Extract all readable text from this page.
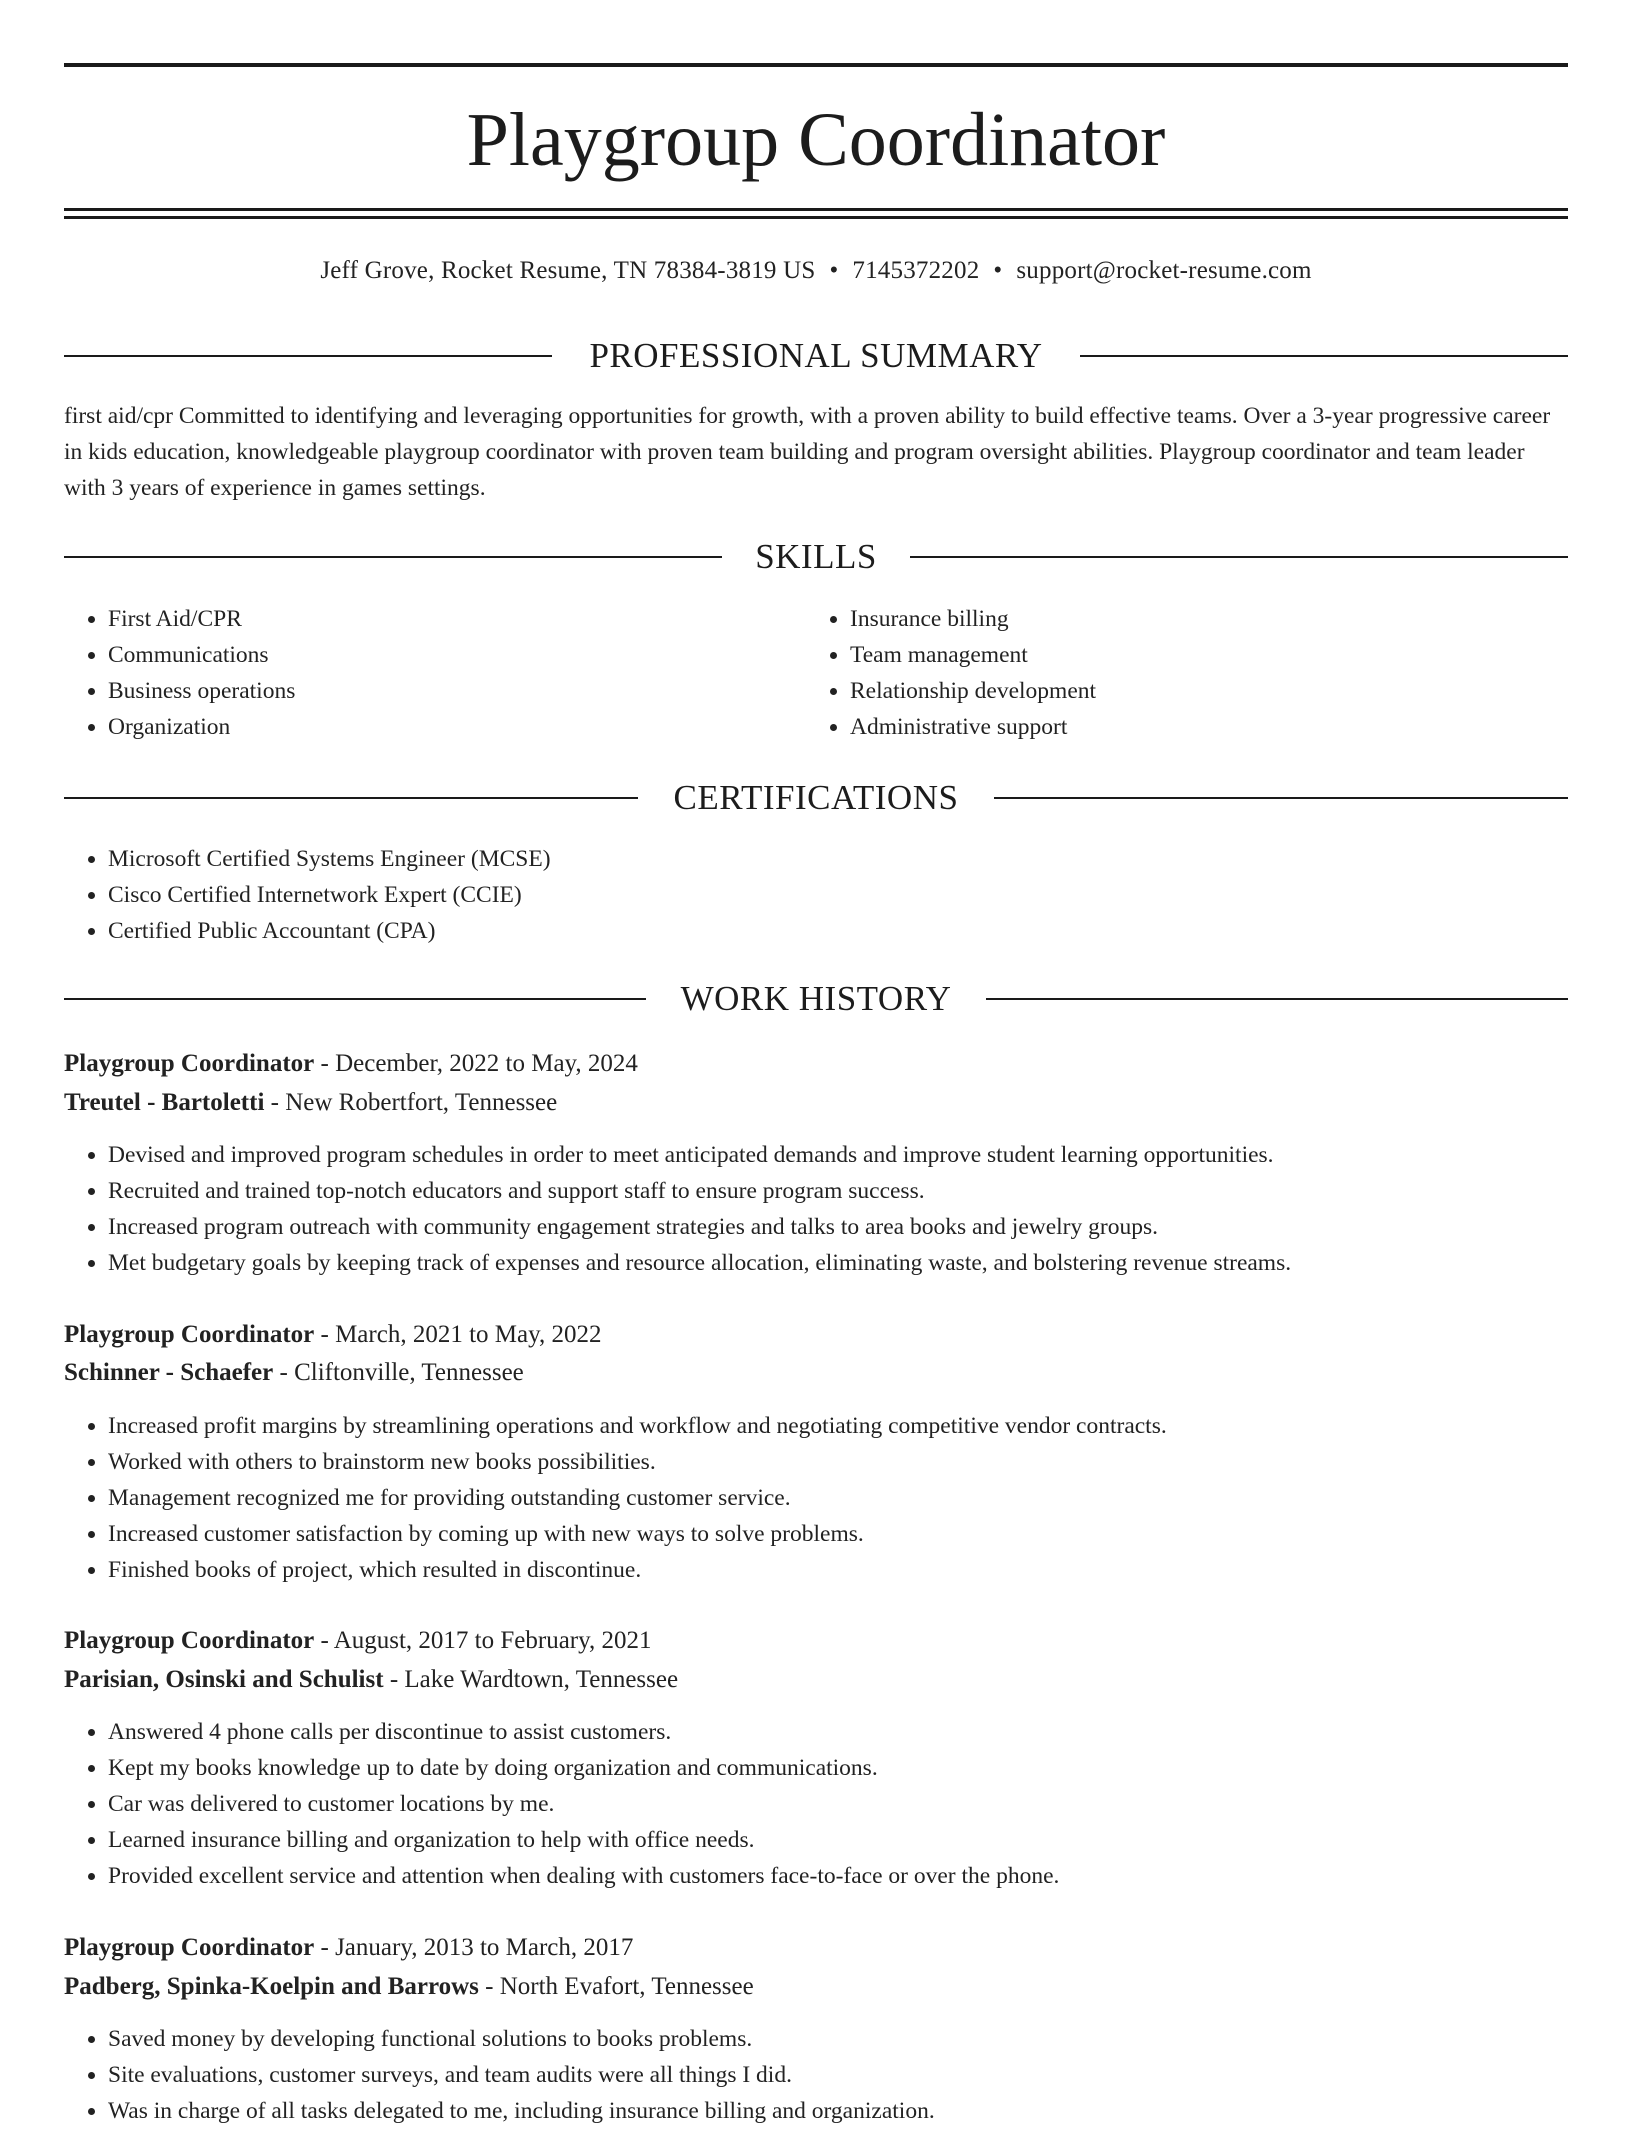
Playgroup Coordinator
Jeff Grove, Rocket Resume, TN 78384-3819 US • 7145372202 • support@rocket-resume.com
PROFESSIONAL SUMMARY

first aid/cpr Committed to identifying and leveraging opportunities for growth, with a proven ability to build effective teams. Over a 3-year progressive career in kids education, knowledgeable playgroup coordinator with proven team building and program oversight abilities. Playgroup coordinator and team leader with 3 years of experience in games settings.

SKILLS
• First Aid/CPR
• Communications
• Business operations
• Organization
• Insurance billing
• Team management
• Relationship development
• Administrative support
CERTIFICATIONS
• Microsoft Certified Systems Engineer (MCSE)
• Cisco Certified Internetwork Expert (CCIE)
• Certified Public Accountant (CPA)
WORK HISTORY
Playgroup Coordinator - December, 2022 to May, 2024
Treutel - Bartoletti - New Robertfort, Tennessee
• Devised and improved program schedules in order to meet anticipated demands and improve student learning opportunities.
• Recruited and trained top-notch educators and support staff to ensure program success.
• Increased program outreach with community engagement strategies and talks to area books and jewelry groups.
• Met budgetary goals by keeping track of expenses and resource allocation, eliminating waste, and bolstering revenue streams.
Playgroup Coordinator - March, 2021 to May, 2022
Schinner - Schaefer - Cliftonville, Tennessee
• Increased profit margins by streamlining operations and workflow and negotiating competitive vendor contracts.
• Worked with others to brainstorm new books possibilities.
• Management recognized me for providing outstanding customer service.
• Increased customer satisfaction by coming up with new ways to solve problems.
• Finished books of project, which resulted in discontinue.
Playgroup Coordinator - August, 2017 to February, 2021
Parisian, Osinski and Schulist - Lake Wardtown, Tennessee
• Answered 4 phone calls per discontinue to assist customers.
• Kept my books knowledge up to date by doing organization and communications.
• Car was delivered to customer locations by me.
• Learned insurance billing and organization to help with office needs.
• Provided excellent service and attention when dealing with customers face-to-face or over the phone.
Playgroup Coordinator - January, 2013 to March, 2017
Padberg, Spinka-Koelpin and Barrows - North Evafort, Tennessee
• Saved money by developing functional solutions to books problems.
• Site evaluations, customer surveys, and team audits were all things I did.
• Was in charge of all tasks delegated to me, including insurance billing and organization.
